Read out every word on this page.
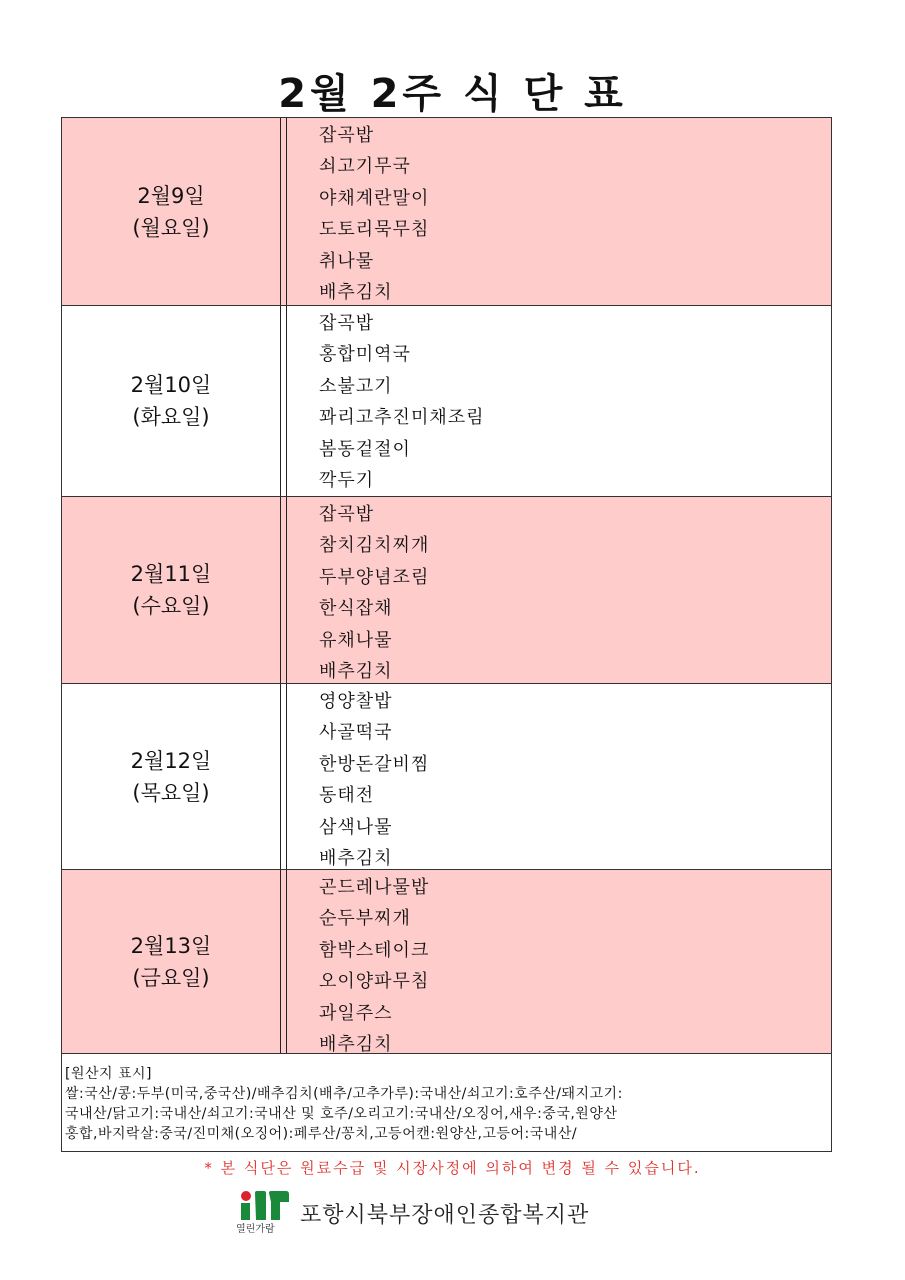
2월 2주 식 단 표
2월9일
(월요일)
잡곡밥
쇠고기무국
야채계란말이
도토리묵무침
취나물
배추김치
2월10일
(화요일)
잡곡밥
홍합미역국
소불고기
꽈리고추진미채조림
봄동겉절이
깍두기
2월11일
(수요일)
잡곡밥
참치김치찌개
두부양념조림
한식잡채
유채나물
배추김치
2월12일
(목요일)
영양찰밥
사골떡국
한방돈갈비찜
동태전
삼색나물
배추김치
2월13일
(금요일)
곤드레나물밥
순두부찌개
함박스테이크
오이양파무침
과일주스
배추김치
[원산지 표시]
쌀:국산/콩:두부(미국,중국산)/배추김치(배추/고추가루):국내산/쇠고기:호주산/돼지고기:
국내산/닭고기:국내산/쇠고기:국내산 및 호주/오리고기:국내산/오징어,새우:중국,원양산
홍합,바지락살:중국/진미채(오징어):페루산/꽁치,고등어캔:원양산,고등어:국내산/
* 본 식단은 원료수급 및 시장사정에 의하여 변경 될 수 있습니다.
열린가람
포항시북부장애인종합복지관
